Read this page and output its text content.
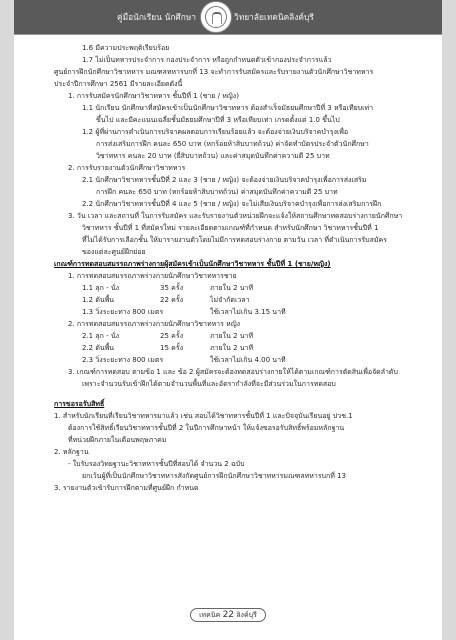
คู่มือนักเรียน นักศึกษา	วิทยาลัยเทคนิคลิงค์บุรี
1.6 มีความประพฤติเรียบร้อย
1.7 ไม่เป็นทหารประจำการ กองประจำการ หรือถูกกำหนดตัวเข้ากองประจำการแล้ว
ศูนย์การฝึกนักศึกษาวิชาทหาร มณฑลทหารบกที่ 13 จะทำการรับสมัครและรับรายงานตัวนักศึกษาวิชาทหาร
ประจำปีการศึกษา 2561 มีรายละเอียดดังนี้
1. การรับสมัครนักศึกษาวิชาทหาร ชั้นปีที่ 1 (ชาย / หญิง)
1.1 นักเรียน นักศึกษาที่สมัครเข้าเป็นนักศึกษาวิชาทหาร ต้องสำเร็จมัธยมศึกษาปีที่ 3 หรือเทียบเท่า
ขึ้นไป และมีคะแนนเฉลี่ยชั้นมัธยมศึกษาปีที่ 3 หรือเทียบเท่า เกรดตั้งแต่ 1.0 ขึ้นไป
1.2 ผู้ที่ผ่านการดำเนินการบริจาคผลตอบการเรียนร้อยแล้ว จะต้องจ่ายเงินบริจาคบำรุงเพื่อ
การส่งเสริมการฝึก คนละ 650 บาท (หกร้อยห้าสิบบาทถ้วน) ค่าจัดทำบัตรประจำตัวนักศึกษา
วิชาทหาร คนละ 20 บาท (ยี่สิบบาทถ้วน) และค่าสมุดบันทึกค่าความดี 25 บาท
2. การรับรายงานตัวนักศึกษาวิชาทหาร
2.1 นักศึกษาวิชาทหารชั้นปีที่ 2 และ 3 (ชาย / หญิง) จะต้องจ่ายเงินบริจาคบำรุงเพื่อการส่งเสริม
การฝึก คนละ 650 บาท (หกร้อยห้าสิบบาทถ้วน) ค่าสมุดบันทึกค่าความดี 25 บาท
2.2 นักศึกษาวิชาทหารชั้นปีที่ 4 และ 5 (ชาย / หญิง) จะไม่เสียเงินบริจาคบำรุงเพื่อการส่งเสริมการฝึก
3. วัน เวลา และสถานที่ ในการรับสมัคร และรับรายงานตัวหน่วยฝึกจะแจ้งให้สถานศึกษาทดสอบร่างกายนักศึกษา
วิชาทหาร ชั้นปีที่ 1 ที่สมัครใหม่ รายละเอียดตามเกณฑ์ที่กำหนด สำหรับนักศึกษา วิชาทหารชั้นปีที่ 1
ที่ไม่ได้รับการเลือกชั้น ให้มารายงานตัวโดยไม่มีการทดสอบร่างกาย ตามวัน เวลา ที่ดำเนินการรับสมัคร
ของแต่ละศูนย์ฝึกย่อย
เกณฑ์การทดสอบสมรรถภาพร่างกายผู้สมัครเข้าเป็นนักศึกษาวิชาทหาร ชั้นปีที่ 1 (ชาย/หญิง)
1. การทดสอบสมรรถภาพร่างกายนักศึกษาวิชาทหารชาย
1.1 ลุก - นั่ง	35 ครั้ง	ภายใน 2 นาที
1.2 ดันพื้น	22 ครั้ง	ไม่จำกัดเวลา
1.3 วิ่งระยะทาง 800 เมตร	ใช้เวลาไม่เกิน 3.15 นาที
2. การทดสอบสมรรถภาพร่างกายนักศึกษาวิชาทหาร หญิง
2.1 ลุก - นั่ง	25 ครั้ง	ภายใน 2 นาที
2.2 ดันพื้น	15 ครั้ง	ภายใน 2 นาที
2.3 วิ่งระยะทาง 800 เมตร	ใช้เวลาไม่เกิน 4.00 นาที
3. เกณฑ์การทดสอบ ตามข้อ 1 และ ข้อ 2 ผู้สมัครจะต้องทดสอบร่างกายให้ได้ตามเกณฑ์การตัดสินเพื่อจัดลำดับ
เพราะจำนวนรับเข้าฝึกได้ตามจำนวนพื้นที่และอัตรากำลังที่จะมีส่วนร่วมในการทดสอบ
การขอรอรับสิทธิ์
1. สำหรับนักเรียนที่เรียนวิชาทหารมาแล้ว เช่น สอบได้วิชาทหารชั้นปีที่ 1 และปัจจุบันเรียนอยู่ ปวช.1
ต้องการใช้สิทธิ์เรียนวิชาทหารชั้นปีที่ 2 ในปีการศึกษาหน้า ให้แจ้งขอรอรับสิทธิ์พร้อมหลักฐาน
ที่หน่วยฝึกภายในเดือนพฤษภาคม
2. หลักฐาน
- ใบรับรองวิทยฐานะวิชาทหารชั้นปีที่สอบได้ จำนวน 2 ฉบับ
ยกเว้นผู้ที่เป็นนักศึกษาวิชาทหารสังกัดศูนย์การฝึกนักศึกษาวิชาทหารมณฑลทหารบกที่ 13
3. รายงานตัวเข้ารับการฝึกตามที่ศูนย์ฝึก กำหนด
เทคนิค 22 ลิงค์บุรี
